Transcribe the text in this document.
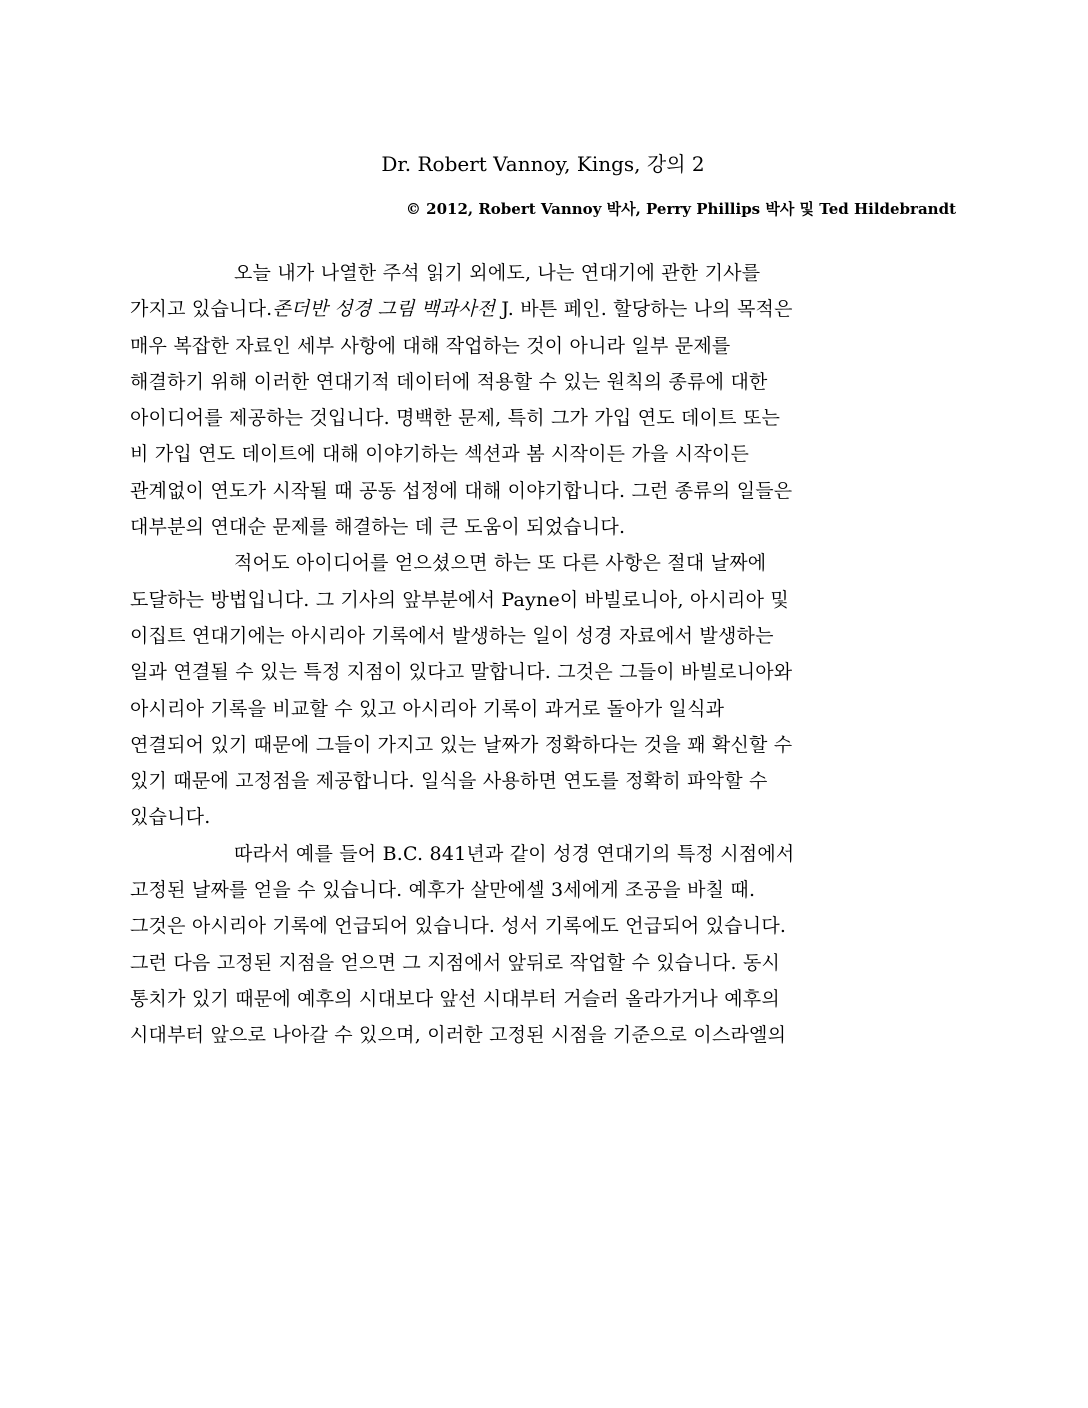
Dr. Robert Vannoy, Kings, 강의 2
© 2012, Robert Vannoy 박사, Perry Phillips 박사 및 Ted Hildebrandt
오늘 내가 나열한 주석 읽기 외에도, 나는 연대기에 관한 기사를
가지고 있습니다.존더반 성경 그림 백과사전 J. 바튼 페인. 할당하는 나의 목적은
매우 복잡한 자료인 세부 사항에 대해 작업하는 것이 아니라 일부 문제를
해결하기 위해 이러한 연대기적 데이터에 적용할 수 있는 원칙의 종류에 대한
아이디어를 제공하는 것입니다. 명백한 문제, 특히 그가 가입 연도 데이트 또는
비 가입 연도 데이트에 대해 이야기하는 섹션과 봄 시작이든 가을 시작이든
관계없이 연도가 시작될 때 공동 섭정에 대해 이야기합니다. 그런 종류의 일들은
대부분의 연대순 문제를 해결하는 데 큰 도움이 되었습니다.
적어도 아이디어를 얻으셨으면 하는 또 다른 사항은 절대 날짜에
도달하는 방법입니다. 그 기사의 앞부분에서 Payne이 바빌로니아, 아시리아 및
이집트 연대기에는 아시리아 기록에서 발생하는 일이 성경 자료에서 발생하는
일과 연결될 수 있는 특정 지점이 있다고 말합니다. 그것은 그들이 바빌로니아와
아시리아 기록을 비교할 수 있고 아시리아 기록이 과거로 돌아가 일식과
연결되어 있기 때문에 그들이 가지고 있는 날짜가 정확하다는 것을 꽤 확신할 수
있기 때문에 고정점을 제공합니다. 일식을 사용하면 연도를 정확히 파악할 수
있습니다.
따라서 예를 들어 B.C. 841년과 같이 성경 연대기의 특정 시점에서
고정된 날짜를 얻을 수 있습니다. 예후가 살만에셀 3세에게 조공을 바칠 때.
그것은 아시리아 기록에 언급되어 있습니다. 성서 기록에도 언급되어 있습니다.
그런 다음 고정된 지점을 얻으면 그 지점에서 앞뒤로 작업할 수 있습니다. 동시
통치가 있기 때문에 예후의 시대보다 앞선 시대부터 거슬러 올라가거나 예후의
시대부터 앞으로 나아갈 수 있으며, 이러한 고정된 시점을 기준으로 이스라엘의
